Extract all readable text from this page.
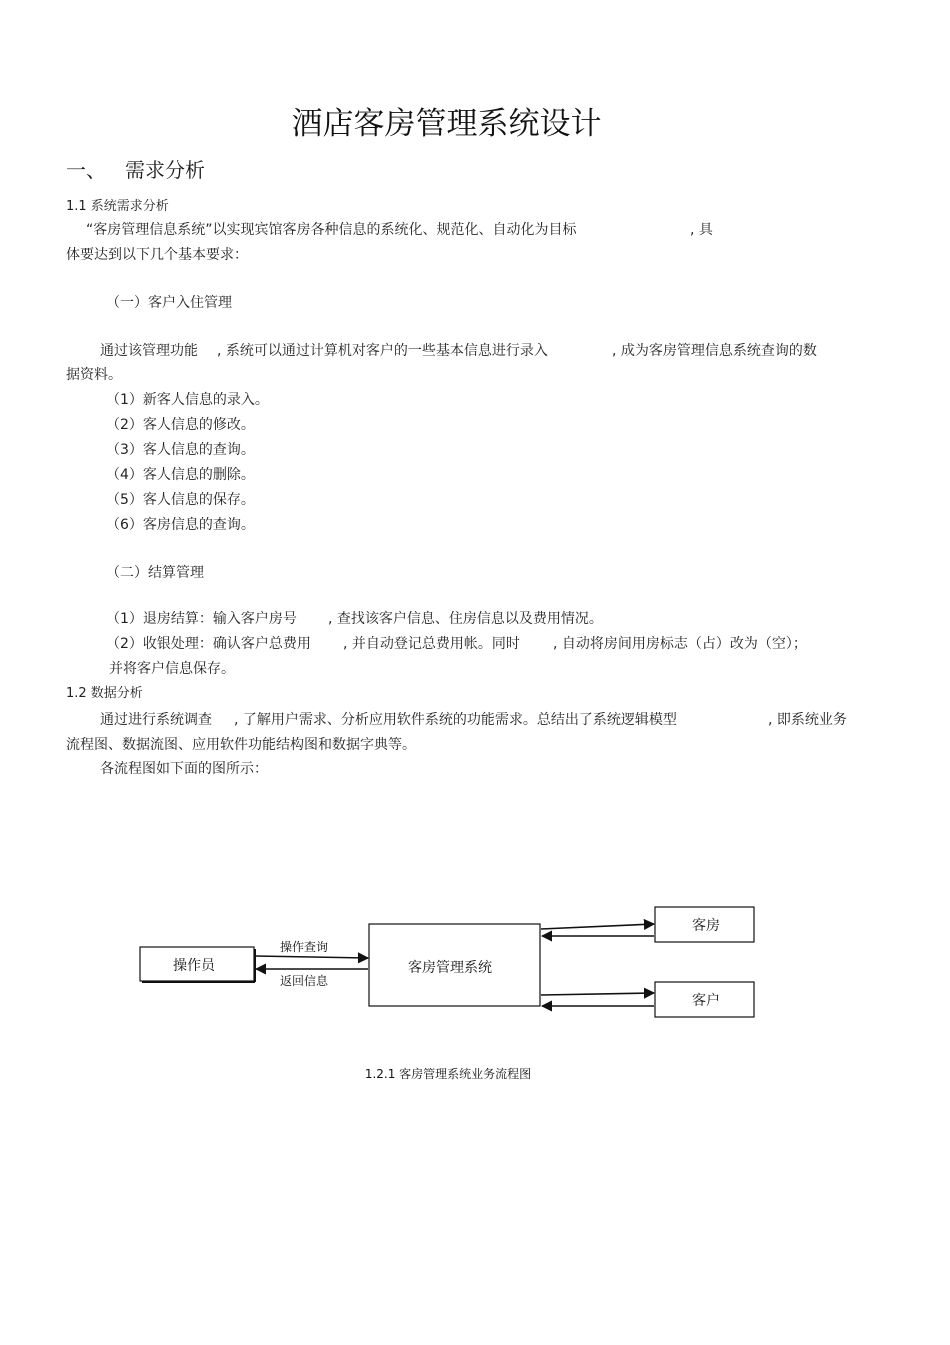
酒店客房管理系统设计
一、 需求分析
1.1 系统需求分析
“客房管理信息系统”以实现宾馆客房各种信息的系统化、规范化、自动化为目标	, 具
体要达到以下几个基本要求：
（一）客户入住管理
通过该管理功能 , 系统可以通过计算机对客户的一些基本信息进行录入	, 成为客房管理信息系统查询的数
据资料。
（1）新客人信息的录入。
（2）客人信息的修改。
（3）客人信息的查询。
（4）客人信息的删除。
（5）客人信息的保存。
（6）客房信息的查询。
（二）结算管理
（1）退房结算：输入客户房号 , 查找该客户信息、住房信息以及费用情况。
（2）收银处理：确认客户总费用 , 并自动登记总费用帐。同时 , 自动将房间用房标志（占）改为（空）；
并将客户信息保存。
1.2 数据分析
通过进行系统调查 , 了解用户需求、分析应用软件系统的功能需求。总结出了系统逻辑模型	, 即系统业务
流程图、数据流图、应用软件功能结构图和数据字典等。
各流程图如下面的图所示：
操作员	客房管理系统
客房
客户
操作查询
返回信息
1.2.1 客房管理系统业务流程图
